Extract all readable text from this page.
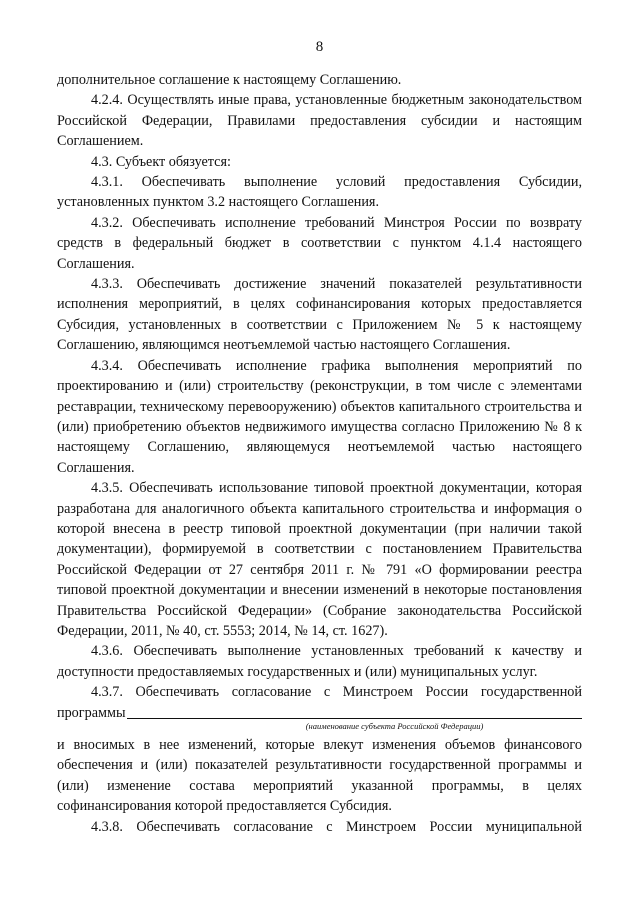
8

дополнительное соглашение к настоящему Соглашению.

4.2.4. Осуществлять иные права, установленные бюджетным законодательством Российской Федерации, Правилами предоставления субсидии и настоящим Соглашением.

4.3. Субъект обязуется:

4.3.1. Обеспечивать выполнение условий предоставления Субсидии, установленных пунктом 3.2 настоящего Соглашения.

4.3.2. Обеспечивать исполнение требований Минстроя России по возврату средств в федеральный бюджет в соответствии с пунктом 4.1.4 настоящего Соглашения.

4.3.3. Обеспечивать достижение значений показателей результативности исполнения мероприятий, в целях софинансирования которых предоставляется Субсидия, установленных в соответствии с Приложением № 5 к настоящему Соглашению, являющимся неотъемлемой частью настоящего Соглашения.

4.3.4. Обеспечивать исполнение графика выполнения мероприятий по проектированию и (или) строительству (реконструкции, в том числе с элементами реставрации, техническому перевооружению) объектов капитального строительства и (или) приобретению объектов недвижимого имущества согласно Приложению № 8 к настоящему Соглашению, являющемуся неотъемлемой частью настоящего Соглашения.

4.3.5. Обеспечивать использование типовой проектной документации, которая разработана для аналогичного объекта капитального строительства и информация о которой внесена в реестр типовой проектной документации (при наличии такой документации), формируемой в соответствии с постановлением Правительства Российской Федерации от 27 сентября 2011 г. № 791 «О формировании реестра типовой проектной документации и внесении изменений в некоторые постановления Правительства Российской Федерации» (Собрание законодательства Российской Федерации, 2011, № 40, ст. 5553; 2014, № 14, ст. 1627).

4.3.6. Обеспечивать выполнение установленных требований к качеству и доступности предоставляемых государственных и (или) муниципальных услуг.

4.3.7. Обеспечивать согласование с Минстроем России государственной

программы
(наименование субъекта Российской Федерации)

и вносимых в нее изменений, которые влекут изменения объемов финансового обеспечения и (или) показателей результативности государственной программы и (или) изменение состава мероприятий указанной программы, в целях софинансирования которой предоставляется Субсидия.

4.3.8. Обеспечивать согласование с Минстроем России муниципальной
